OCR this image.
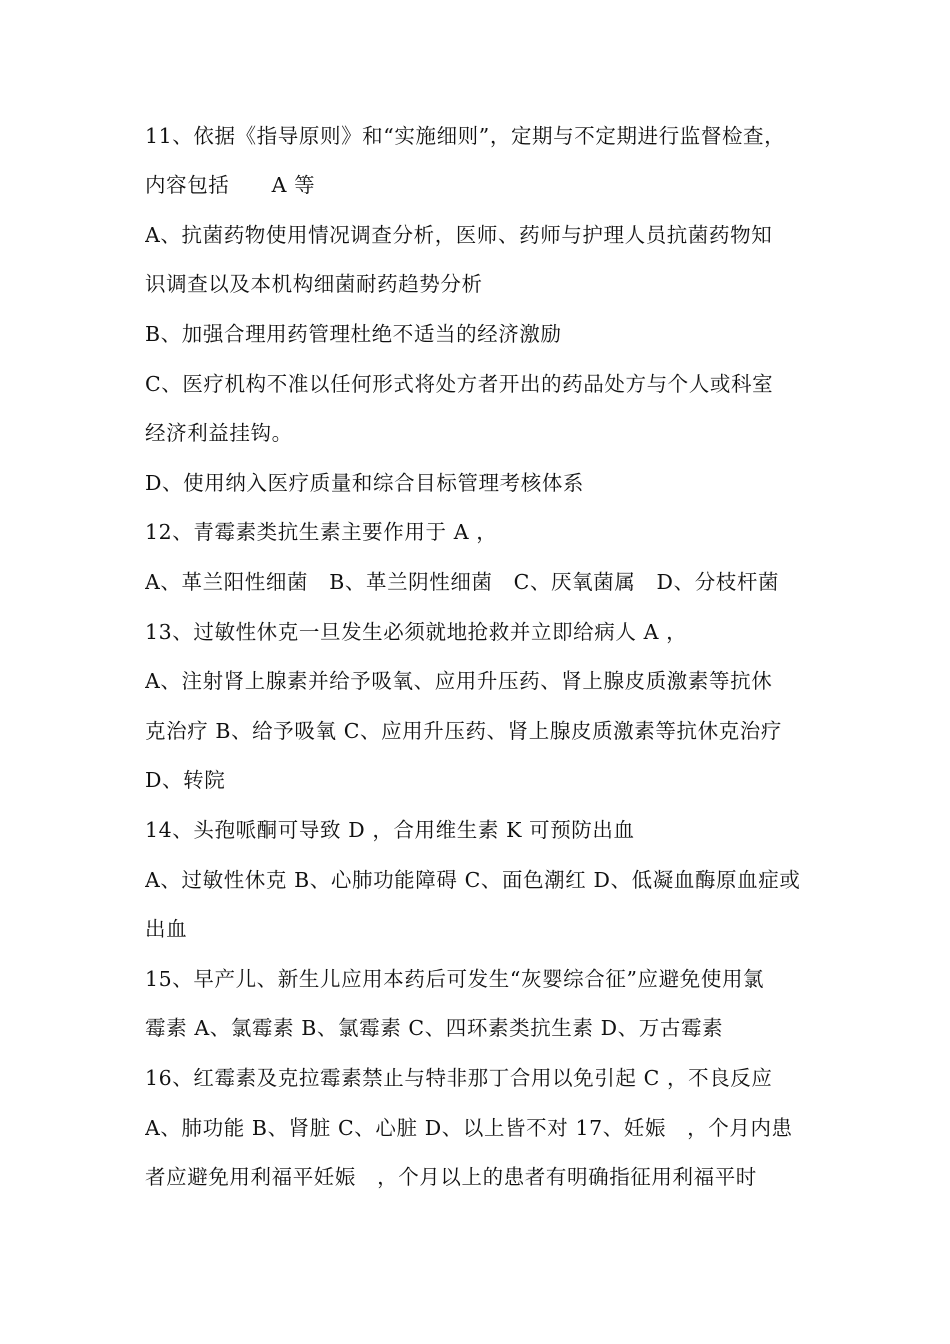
11、依据《指导原则》和“实施细则”，定期与不定期进行监督检查，
内容包括　　A 等
A、抗菌药物使用情况调查分析，医师、药师与护理人员抗菌药物知
识调查以及本机构细菌耐药趋势分析
B、加强合理用药管理杜绝不适当的经济激励
C、医疗机构不准以任何形式将处方者开出的药品处方与个人或科室
经济利益挂钩。
D、使用纳入医疗质量和综合目标管理考核体系
12、青霉素类抗生素主要作用于 A ，
A、革兰阳性细菌　B、革兰阴性细菌　C、厌氧菌属　D、分枝杆菌
13、过敏性休克一旦发生必须就地抢救并立即给病人 A ，
A、注射肾上腺素并给予吸氧、应用升压药、肾上腺皮质激素等抗休
克治疗 B、给予吸氧 C、应用升压药、肾上腺皮质激素等抗休克治疗
D、转院
14、头孢哌酮可导致 D ，合用维生素 K 可预防出血
A、过敏性休克 B、心肺功能障碍 C、面色潮红 D、低凝血酶原血症或
出血
15、早产儿、新生儿应用本药后可发生“灰婴综合征”应避免使用氯
霉素 A、氯霉素 B、氯霉素 C、四环素类抗生素 D、万古霉素
16、红霉素及克拉霉素禁止与特非那丁合用以免引起 C ，不良反应
A、肺功能 B、肾脏 C、心脏 D、以上皆不对 17、妊娠　，个月内患
者应避免用利福平妊娠　，个月以上的患者有明确指征用利福平时
